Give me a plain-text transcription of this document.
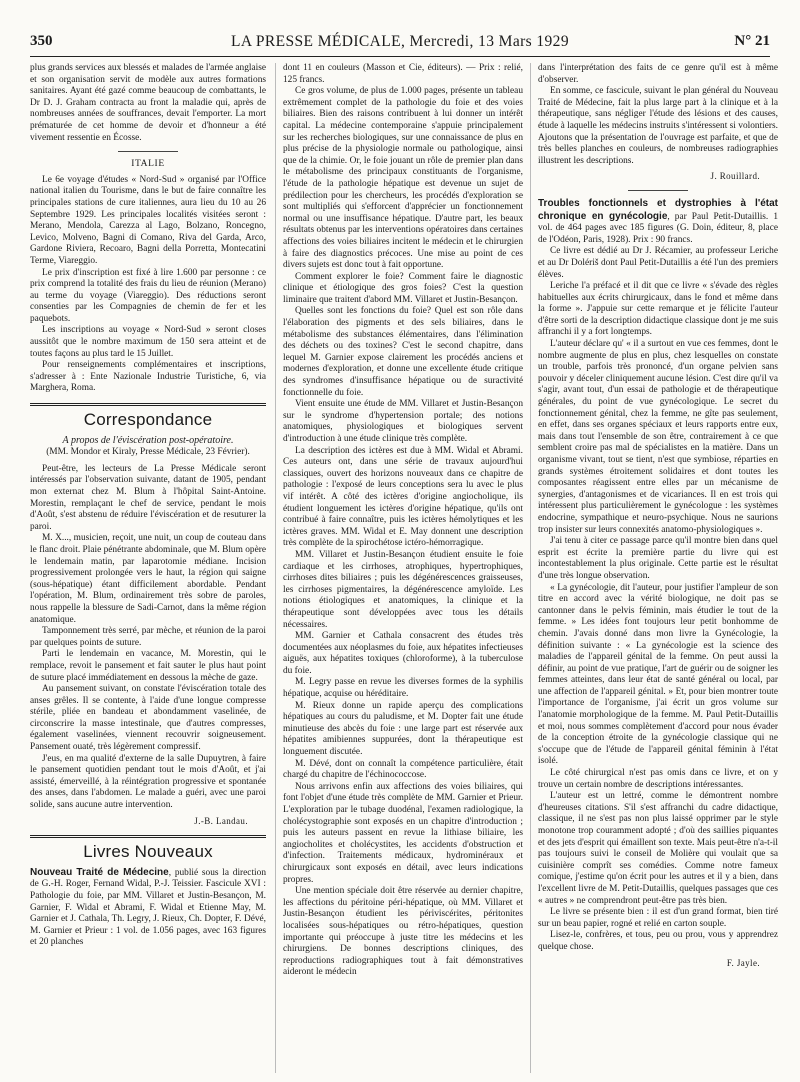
350	LA PRESSE MÉDICALE, Mercredi, 13 Mars 1929	N° 21

plus grands services aux blessés et malades de l'armée anglaise et son organisation servit de modèle aux autres formations sanitaires. Ayant été gazé comme beaucoup de combattants, le Dr D. J. Graham contracta au front la maladie qui, après de nombreuses années de souffrances, devait l'emporter. La mort prématurée de cet homme de devoir et d'honneur a été vivement ressentie en Écosse.

ITALIE

Le 6e voyage d'études « Nord-Sud » organisé par l'Office national italien du Tourisme, dans le but de faire connaître les principales stations de cure italiennes, aura lieu du 10 au 26 Septembre 1929. Les principales localités visitées seront : Merano, Mendola, Carezza al Lago, Bolzano, Roncegno, Levico, Molveno, Bagni di Comano, Riva del Garda, Arco, Gardone Riviera, Recoaro, Bagni della Porretta, Montecatini Terme, Viareggio.

Le prix d'inscription est fixé à lire 1.600 par personne : ce prix comprend la totalité des frais du lieu de réunion (Merano) au terme du voyage (Viareggio). Des réductions seront consenties par les Compagnies de chemin de fer et les paquebots.

Les inscriptions au voyage « Nord-Sud » seront closes aussitôt que le nombre maximum de 150 sera atteint et de toutes façons au plus tard le 15 Juillet.

Pour renseignements complémentaires et inscriptions, s'adresser à : Ente Nazionale Industrie Turistiche, 6, via Marghera, Roma.

Correspondance
A propos de l'éviscération post-opératoire.
(MM. Mondor et Kiraly, Presse Médicale, 23 Février).

Peut-être, les lecteurs de La Presse Médicale seront intéressés par l'observation suivante, datant de 1905, pendant mon externat chez M. Blum à l'hôpital Saint-Antoine. Morestin, remplaçant le chef de service, pendant le mois d'Août, s'est abstenu de réduire l'éviscération et de resuturer la paroi.

M. X..., musicien, reçoit, une nuit, un coup de couteau dans le flanc droit. Plaie pénétrante abdominale, que M. Blum opère le lendemain matin, par laparotomie médiane. Incision progressivement prolongée vers le haut, la région qui saigne (sous-hépatique) étant difficilement abordable. Pendant l'opération, M. Blum, ordinairement très sobre de paroles, nous rappelle la blessure de Sadi-Carnot, dans la même région anatomique.

Tamponnement très serré, par mèche, et réunion de la paroi par quelques points de suture.

Parti le lendemain en vacance, M. Morestin, qui le remplace, revoit le pansement et fait sauter le plus haut point de suture placé immédiatement en dessous la mèche de gaze.

Au pansement suivant, on constate l'éviscération totale des anses grêles. Il se contente, à l'aide d'une longue compresse stérile, pliée en bandeau et abondamment vaselinée, de circonscrire la masse intestinale, que d'autres compresses, également vaselinées, viennent recouvrir soigneusement. Pansement ouaté, très légèrement compressif.

J'eus, en ma qualité d'externe de la salle Dupuytren, à faire le pansement quotidien pendant tout le mois d'Août, et j'ai assisté, émerveillé, à la réintégration progressive et spontanée des anses, dans l'abdomen. Le malade a guéri, avec une paroi solide, sans aucune autre intervention.

J.-B. Landau.
Livres Nouveaux

Nouveau Traité de Médecine, publié sous la direction de G.-H. Roger, Fernand Widal, P.-J. Teissier. Fascicule XVI : Pathologie du foie, par MM. Villaret et Justin-Besançon, M. Garnier, F. Widal et Abrami, F. Widal et Etienne May, M. Garnier et J. Cathala, Th. Legry, J. Rieux, Ch. Dopter, F. Dévé, M. Garnier et Prieur : 1 vol. de 1.056 pages, avec 163 figures et 20 planches

dont 11 en couleurs (Masson et Cie, éditeurs). — Prix : relié, 125 francs.

Ce gros volume, de plus de 1.000 pages, présente un tableau extrêmement complet de la pathologie du foie et des voies biliaires. Bien des raisons contribuent à lui donner un intérêt capital. La médecine contemporaine s'appuie principalement sur les recherches biologiques, sur une connaissance de plus en plus précise de la physiologie normale ou pathologique, ainsi que de la chimie. Or, le foie jouant un rôle de premier plan dans le métabolisme des principaux constituants de l'organisme, l'étude de la pathologie hépatique est devenue un sujet de prédilection pour les chercheurs, les procédés d'exploration se sont multipliés qui s'efforcent d'apprécier un fonctionnement normal ou une insuffisance hépatique. D'autre part, les beaux résultats obtenus par les interventions opératoires dans certaines affections des voies biliaires incitent le médecin et le chirurgien à faire des diagnostics précoces. Une mise au point de ces divers sujets est donc tout à fait opportune.

Comment explorer le foie? Comment faire le diagnostic clinique et étiologique des gros foies? C'est la question liminaire que traitent d'abord MM. Villaret et Justin-Besançon.

Quelles sont les fonctions du foie? Quel est son rôle dans l'élaboration des pigments et des sels biliaires, dans le métabolisme des substances élémentaires, dans l'élimination des déchets ou des toxines? C'est le second chapitre, dans lequel M. Garnier expose clairement les procédés anciens et modernes d'exploration, et donne une excellente étude critique des syndromes d'insuffisance hépatique ou de suractivité fonctionnelle du foie.

Vient ensuite une étude de MM. Villaret et Justin-Besançon sur le syndrome d'hypertension portale; des notions anatomiques, physiologiques et biologiques servent d'introduction à une étude clinique très complète.

La description des ictères est due à MM. Widal et Abrami. Ces auteurs ont, dans une série de travaux aujourd'hui classiques, ouvert des horizons nouveaux dans ce chapitre de pathologie : l'exposé de leurs conceptions sera lu avec le plus vif intérêt. A côté des ictères d'origine angiocholique, ils étudient longuement les ictères d'origine hépatique, qu'ils ont contribué à faire connaître, puis les ictères hémolytiques et les ictères graves. MM. Widal et E. May donnent une description très complète de la spirochétose ictéro-hémorragique.

MM. Villaret et Justin-Besançon étudient ensuite le foie cardiaque et les cirrhoses, atrophiques, hypertrophiques, cirrhoses dites biliaires ; puis les dégénérescences graisseuses, les cirrhoses pigmentaires, la dégénérescence amyloïde. Les notions étiologiques et anatomiques, la clinique et la thérapeutique sont développées avec tous les détails nécessaires.

MM. Garnier et Cathala consacrent des études très documentées aux néoplasmes du foie, aux hépatites infectieuses aiguës, aux hépatites toxiques (chloroforme), à la tuberculose du foie.

M. Legry passe en revue les diverses formes de la syphilis hépatique, acquise ou héréditaire.

M. Rieux donne un rapide aperçu des complications hépatiques au cours du paludisme, et M. Dopter fait une étude minutieuse des abcès du foie : une large part est réservée aux hépatites amibiennes suppurées, dont la thérapeutique est longuement discutée.

M. Dévé, dont on connaît la compétence particulière, était chargé du chapitre de l'échinococcose.

Nous arrivons enfin aux affections des voies biliaires, qui font l'objet d'une étude très complète de MM. Garnier et Prieur. L'exploration par le tubage duodénal, l'examen radiologique, la cholécystographie sont exposés en un chapitre d'introduction ; puis les auteurs passent en revue la lithiase biliaire, les angiocholites et cholécystites, les accidents d'obstruction et d'infection. Traitements médicaux, hydrominéraux et chirurgicaux sont exposés en détail, avec leurs indications propres.

Une mention spéciale doit être réservée au dernier chapitre, les affections du péritoine péri-hépatique, où MM. Villaret et Justin-Besançon étudient les périviscérites, péritonites localisées sous-hépatiques ou rétro-hépatiques, question importante qui préoccupe à juste titre les médecins et les chirurgiens. De bonnes descriptions cliniques, des reproductions radiographiques tout à fait démonstratives aideront le médecin

dans l'interprétation des faits de ce genre qu'il est à même d'observer.

En somme, ce fascicule, suivant le plan général du Nouveau Traité de Médecine, fait la plus large part à la clinique et à la thérapeutique, sans négliger l'étude des lésions et des causes, étude à laquelle les médecins instruits s'intéressent si volontiers. Ajoutons que la présentation de l'ouvrage est parfaite, et que de très belles planches en couleurs, de nombreuses radiographies illustrent les descriptions.

J. Rouillard.

Troubles fonctionnels et dystrophies à l'état chronique en gynécologie, par Paul Petit-Dutaillis. 1 vol. de 464 pages avec 185 figures (G. Doin, éditeur, 8, place de l'Odéon, Paris, 1928). Prix : 90 francs.

Ce livre est dédié au Dr J. Récamier, au professeur Leriche et au Dr Dolériš dont Paul Petit-Dutaillis a été l'un des premiers élèves.

Leriche l'a préfacé et il dit que ce livre « s'évade des règles habituelles aux écrits chirurgicaux, dans le fond et même dans la forme ». J'appuie sur cette remarque et je félicite l'auteur d'être sorti de la description didactique classique dont je me suis affranchi il y a fort longtemps.

L'auteur déclare qu' « il a surtout en vue ces femmes, dont le nombre augmente de plus en plus, chez lesquelles on constate un trouble, parfois très prononcé, d'un organe pelvien sans pouvoir y déceler cliniquement aucune lésion. C'est dire qu'il va s'agir, avant tout, d'un essai de pathologie et de thérapeutique générales, du point de vue gynécologique. Le secret du fonctionnement génital, chez la femme, ne gîte pas seulement, en effet, dans ses organes spéciaux et leurs rapports entre eux, mais dans tout l'ensemble de son être, contrairement à ce que semblent croire pas mal de spécialistes en la matière. Dans un organisme vivant, tout se tient, n'est que symbiose, réparties en grands systèmes étroitement solidaires et dont toutes les composantes réagissent entre elles par un mécanisme de synergies, d'antagonismes et de vicariances. Il en est trois qui intéressent plus particulièrement le gynécologue : les systèmes endocrine, sympathique et neuro-psychique. Nous ne saurions trop insister sur leurs connexités anatomo-physiologiques ».

J'ai tenu à citer ce passage parce qu'il montre bien dans quel esprit est écrite la première partie du livre qui est incontestablement la plus originale. Cette partie est le résultat d'une très longue observation.

« La gynécologie, dit l'auteur, pour justifier l'ampleur de son titre en accord avec la vérité biologique, ne doit pas se cantonner dans le pelvis féminin, mais étudier le tout de la femme. » Les idées font toujours leur petit bonhomme de chemin. J'avais donné dans mon livre la Gynécologie, la définition suivante : « La gynécologie est la science des maladies de l'appareil génital de la femme. On peut aussi la définir, au point de vue pratique, l'art de guérir ou de soigner les femmes atteintes, dans leur état de santé général ou local, par une affection de l'appareil génital. » Et, pour bien montrer toute l'importance de l'organisme, j'ai écrit un gros volume sur l'anatomie morphologique de la femme. M. Paul Petit-Dutaillis et moi, nous sommes complètement d'accord pour nous évader de la conception étroite de la gynécologie classique qui ne s'occupe que de l'étude de l'appareil génital féminin à l'état isolé.

Le côté chirurgical n'est pas omis dans ce livre, et on y trouve un certain nombre de descriptions intéressantes.

L'auteur est un lettré, comme le démontrent nombre d'heureuses citations. S'il s'est affranchi du cadre didactique, classique, il ne s'est pas non plus laissé opprimer par le style monotone trop couramment adopté ; d'où des saillies piquantes et des jets d'esprit qui émaillent son texte. Mais peut-être n'a-t-il pas toujours suivi le conseil de Molière qui voulait que sa cuisinière comprît ses comédies. Comme notre fameux comique, j'estime qu'on écrit pour les autres et il y a bien, dans l'excellent livre de M. Petit-Dutaillis, quelques passages que ces « autres » ne comprendront peut-être pas très bien.

Le livre se présente bien : il est d'un grand format, bien tiré sur un beau papier, rogné et relié en carton souple.

Lisez-le, confrères, et tous, peu ou prou, vous y apprendrez quelque chose.

F. Jayle.
